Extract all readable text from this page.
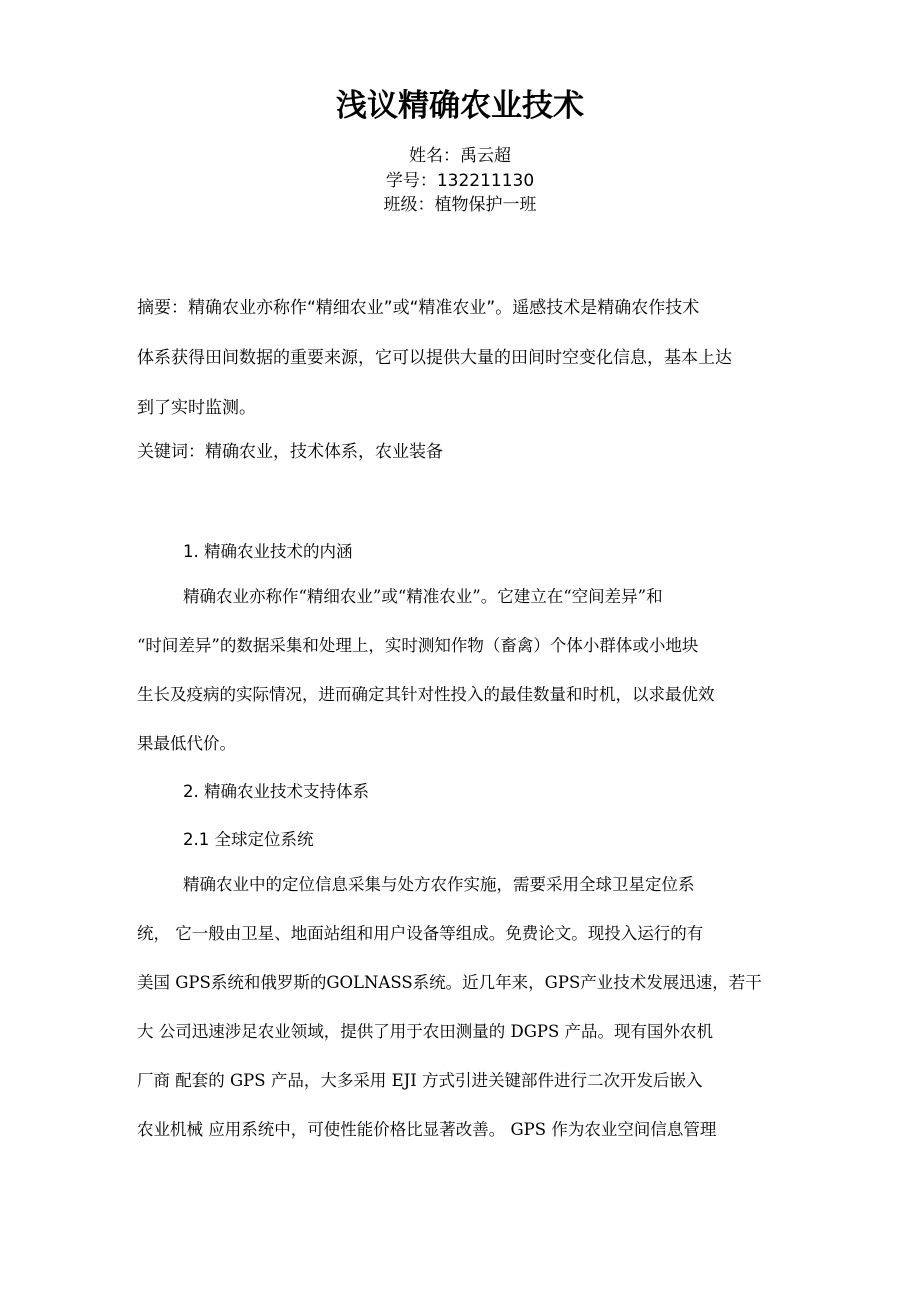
浅议精确农业技术
姓名：禹云超
学号：132211130
班级：植物保护一班
摘要：精确农业亦称作“精细农业”或“精准农业”。遥感技术是精确农作技术
体系获得田间数据的重要来源，它可以提供大量的田间时空变化信息，基本上达
到了实时监测。
关键词：精确农业，技术体系，农业装备
1. 精确农业技术的内涵
精确农业亦称作“精细农业”或“精准农业”。它建立在“空间差异”和
“时间差异”的数据采集和处理上，实时测知作物（畜禽）个体小群体或小地块
生长及疫病的实际情况，进而确定其针对性投入的最佳数量和时机，以求最优效
果最低代价。
2. 精确农业技术支持体系
2.1 全球定位系统
精确农业中的定位信息采集与处方农作实施，需要采用全球卫星定位系
统， 它一般由卫星、地面站组和用户设备等组成。免费论文。现投入运行的有
美国 GPS系统和俄罗斯的GOLNASS系统。近几年来，GPS产业技术发展迅速，若干
大 公司迅速涉足农业领域，提供了用于农田测量的 DGPS 产品。现有国外农机
厂商 配套的 GPS 产品，大多采用 EJI 方式引进关键部件进行二次开发后嵌入
农业机械 应用系统中，可使性能价格比显著改善。 GPS 作为农业空间信息管理
